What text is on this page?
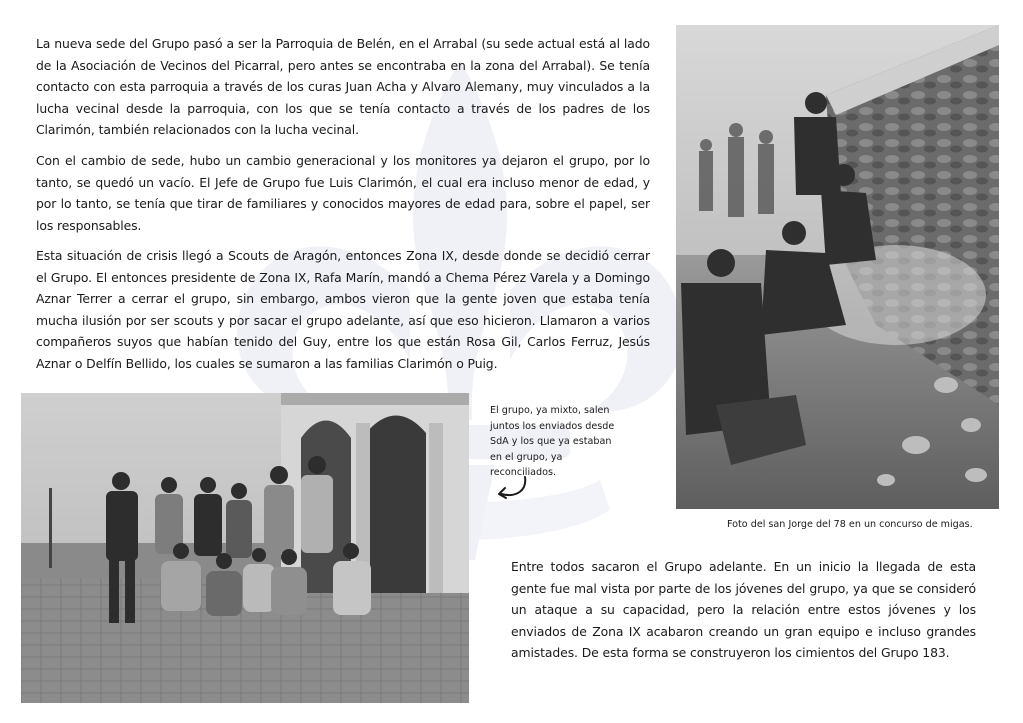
La nueva sede del Grupo pasó a ser la Parroquia de Belén, en el Arrabal (su sede actual está al lado de la Asociación de Vecinos del Picarral, pero antes se encontraba en la zona del Arrabal). Se tenía contacto con esta parroquia a través de los curas Juan Acha y Alvaro Alemany, muy vinculados a la lucha vecinal desde la parroquia, con los que se tenía contacto a través de los padres de los Clarimón, también relacionados con la lucha vecinal.

Con el cambio de sede, hubo un cambio generacional y los monitores ya dejaron el grupo, por lo tanto, se quedó un vacío. El Jefe de Grupo fue Luis Clarimón, el cual era incluso menor de edad, y por lo tanto, se tenía que tirar de familiares y conocidos mayores de edad para, sobre el papel, ser los responsables.

Esta situación de crisis llegó a Scouts de Aragón, entonces Zona IX, desde donde se decidió cerrar el Grupo. El entonces presidente de Zona IX, Rafa Marín, mandó a Chema Pérez Varela y a Domingo Aznar Terrer a cerrar el grupo, sin embargo, ambos vieron que la gente joven que estaba tenía mucha ilusión por ser scouts y por sacar el grupo adelante, así que eso hicieron. Llamaron a varios compañeros suyos que habían tenido del Guy, entre los que están Rosa Gil, Carlos Ferruz, Jesús Aznar o Delfín Bellido, los cuales se sumaron a las familias Clarimón o Puig.

Entre todos sacaron el Grupo adelante. En un inicio la llegada de esta gente fue mal vista por parte de los jóvenes del grupo, ya que se consideró un ataque a su capacidad, pero la relación entre estos jóvenes y los enviados de Zona IX acabaron creando un gran equipo e incluso grandes amistades. De esta forma se construyeron los cimientos del Grupo 183.

El grupo, ya mixto, salen juntos los enviados desde SdA y los que ya estaban en el grupo, ya reconciliados.

Foto del san Jorge del 78 en un concurso de migas.
